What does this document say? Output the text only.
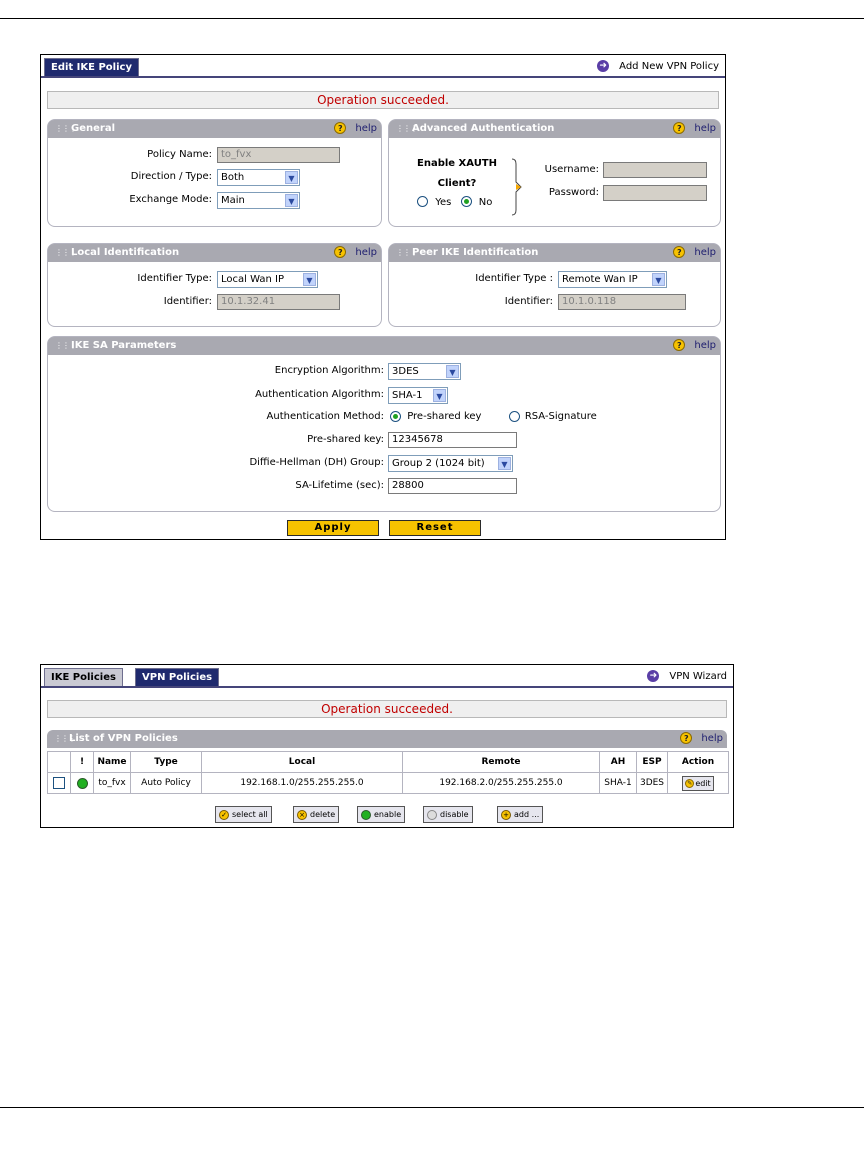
Edit IKE Policy	➜ Add New VPN Policy
Operation succeeded.
⋮⋮⋮
General	? help
Policy Name: to_fvx
Direction / Type: Both	▼
Exchange Mode: Main	▼
⋮⋮⋮
Advanced Authentication	? help
Enable XAUTH
Client?
Yes	No
Username:
Password:
⋮⋮⋮
Local Identification	? help
Identifier Type: Local Wan IP	▼
Identifier: 10.1.32.41
⋮⋮⋮
Peer IKE Identification	? help
Identifier Type : Remote Wan IP	▼
Identifier: 10.1.0.118
⋮⋮⋮
IKE SA Parameters	? help
Encryption Algorithm: 3DES	▼
Authentication Algorithm: SHA-1	▼
Authentication Method:	Pre-shared key	RSA-Signature
Pre-shared key: 12345678
Diffie-Hellman (DH) Group: Group 2 (1024 bit)	▼
SA-Lifetime (sec): 28800
Apply	Reset
IKE Policies	VPN Policies	➜ VPN Wizard
Operation succeeded.
⋮⋮⋮
List of VPN Policies	? help
	!	Name	Type	Local	Remote	AH	ESP	Action
		to_fvx	Auto Policy	192.168.1.0/255.255.255.0	192.168.2.0/255.255.255.0	SHA-1	3DES	✎ edit
✓ select all	× delete	enable	disable	+ add ...
